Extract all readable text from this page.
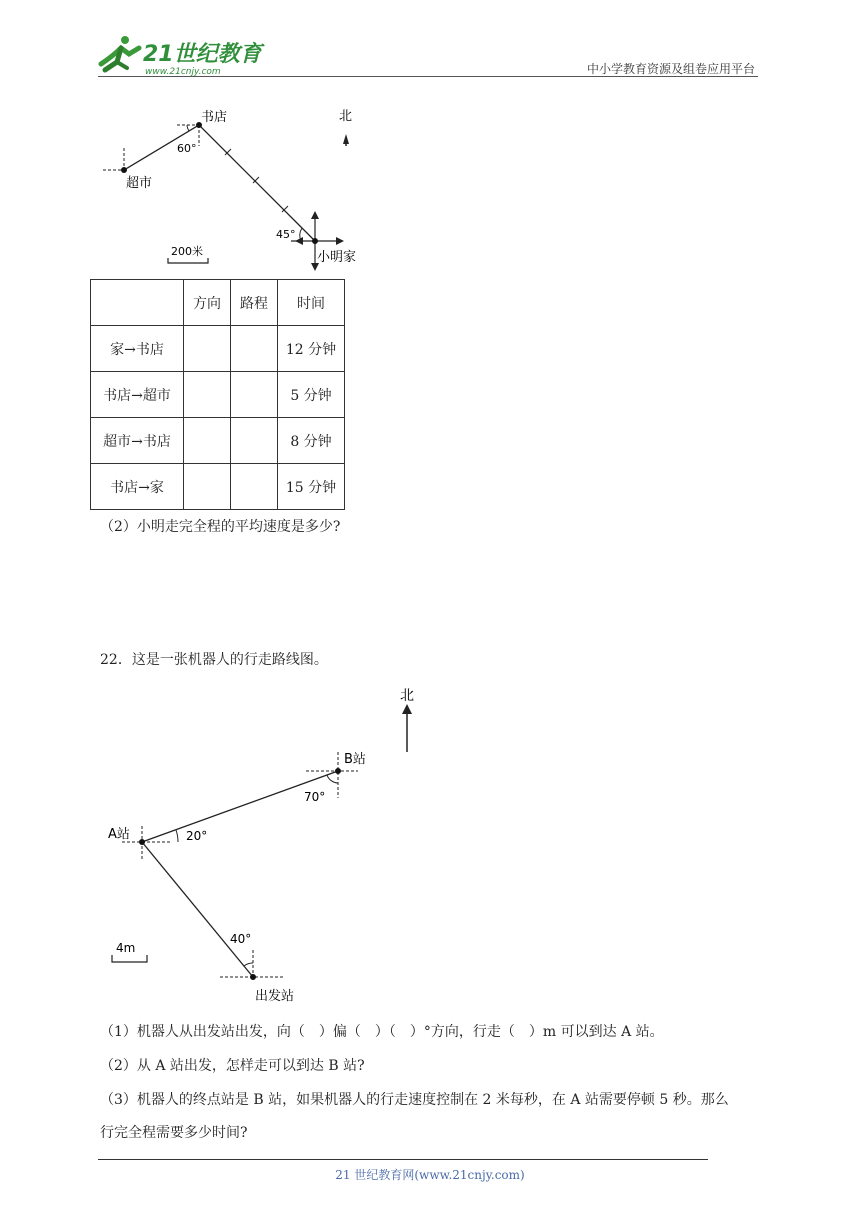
21世纪教育
www.21cnjy.com	中小学教育资源及组卷应用平台
书店
超市
小明家
北
60°
45°
200米
	方向	路程	时间
家→书店			12 分钟
书店→超市			5 分钟
超市→书店			8 分钟
书店→家			15 分钟
（2）小明走完全程的平均速度是多少?
22．这是一张机器人的行走路线图。
北
A站
B站
出发站
20°
70°
40°
4m
（1）机器人从出发站出发，向（　）偏（　）（　）°方向，行走（　）m 可以到达 A 站。
（2）从 A 站出发，怎样走可以到达 B 站?
（3）机器人的终点站是 B 站，如果机器人的行走速度控制在 2 米每秒，在 A 站需要停顿 5 秒。那么
行完全程需要多少时间?
21 世纪教育网(www.21cnjy.com)
